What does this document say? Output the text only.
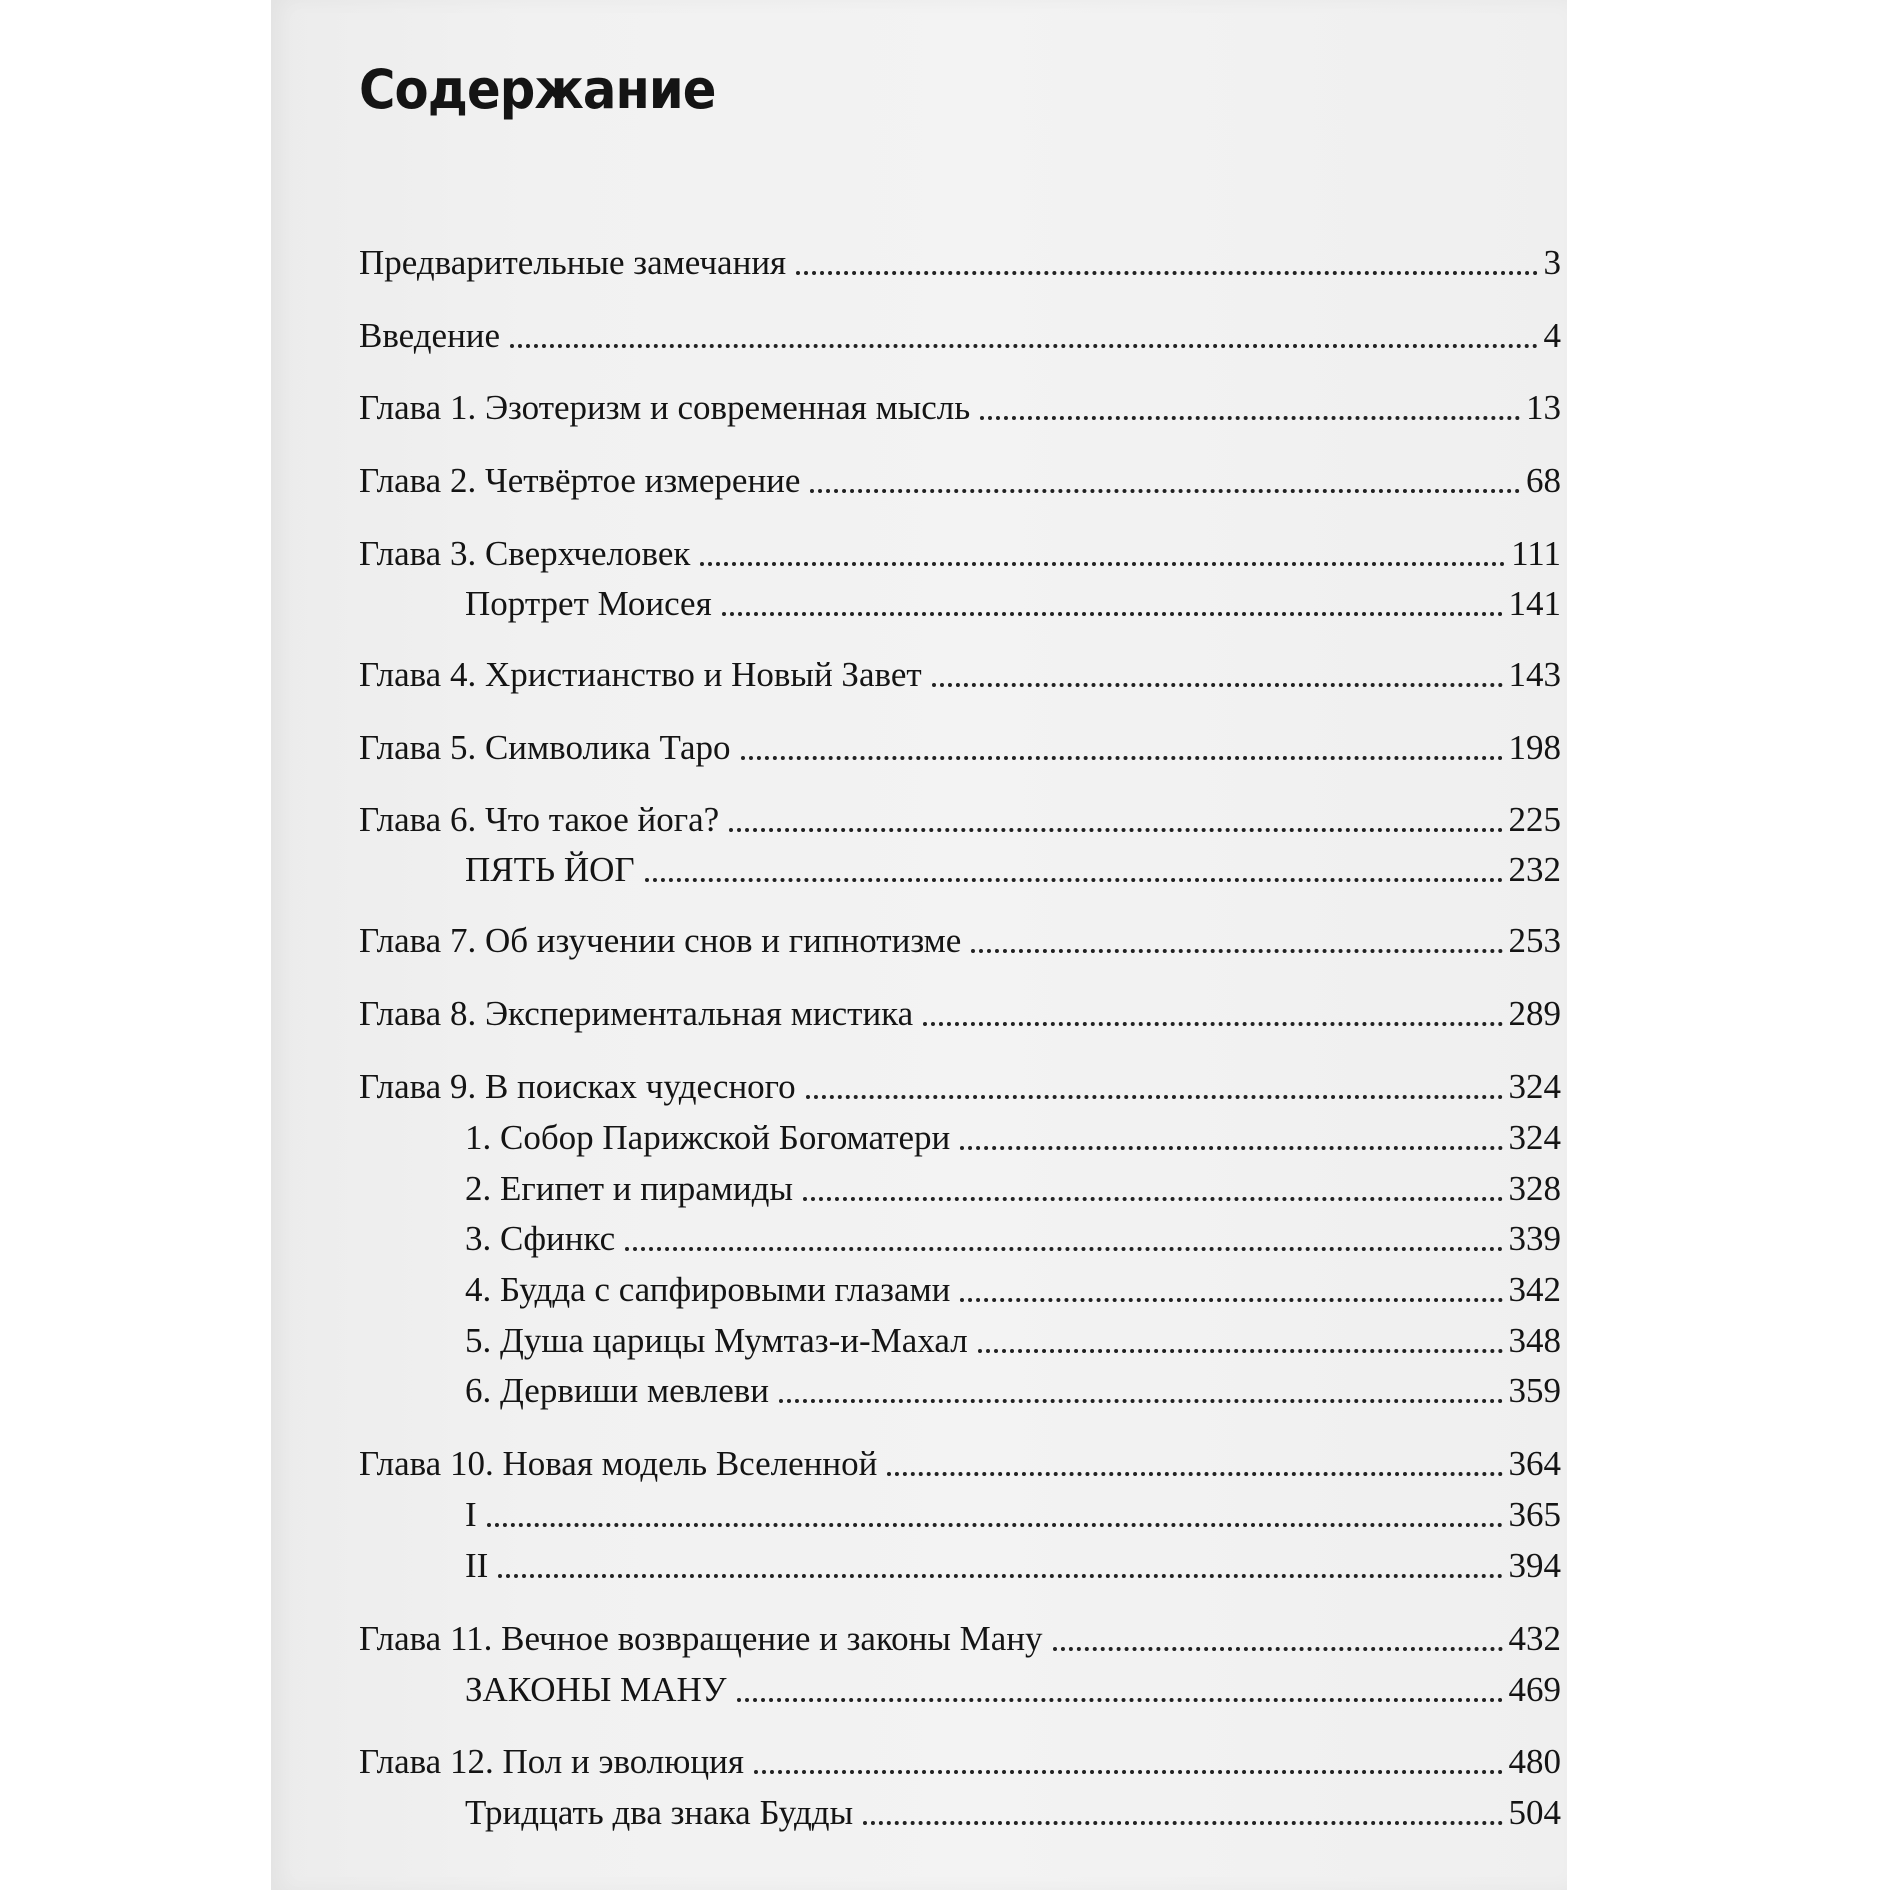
Содержание
Предварительные замечания	3
Введение	4
Глава 1. Эзотеризм и современная мысль	13
Глава 2. Четвёртое измерение	68
Глава 3. Сверхчеловек	111
Портрет Моисея	141
Глава 4. Христианство и Новый Завет	143
Глава 5. Символика Таро	198
Глава 6. Что такое йога?	225
ПЯТЬ ЙОГ	232
Глава 7. Об изучении снов и гипнотизме	253
Глава 8. Экспериментальная мистика	289
Глава 9. В поисках чудесного	324
1. Собор Парижской Богоматери	324
2. Египет и пирамиды	328
3. Сфинкс	339
4. Будда с сапфировыми глазами	342
5. Душа царицы Мумтаз-и-Махал	348
6. Дервиши мевлеви	359
Глава 10. Новая модель Вселенной	364
I	365
II	394
Глава 11. Вечное возвращение и законы Ману	432
ЗАКОНЫ МАНУ	469
Глава 12. Пол и эволюция	480
Тридцать два знака Будды	504
